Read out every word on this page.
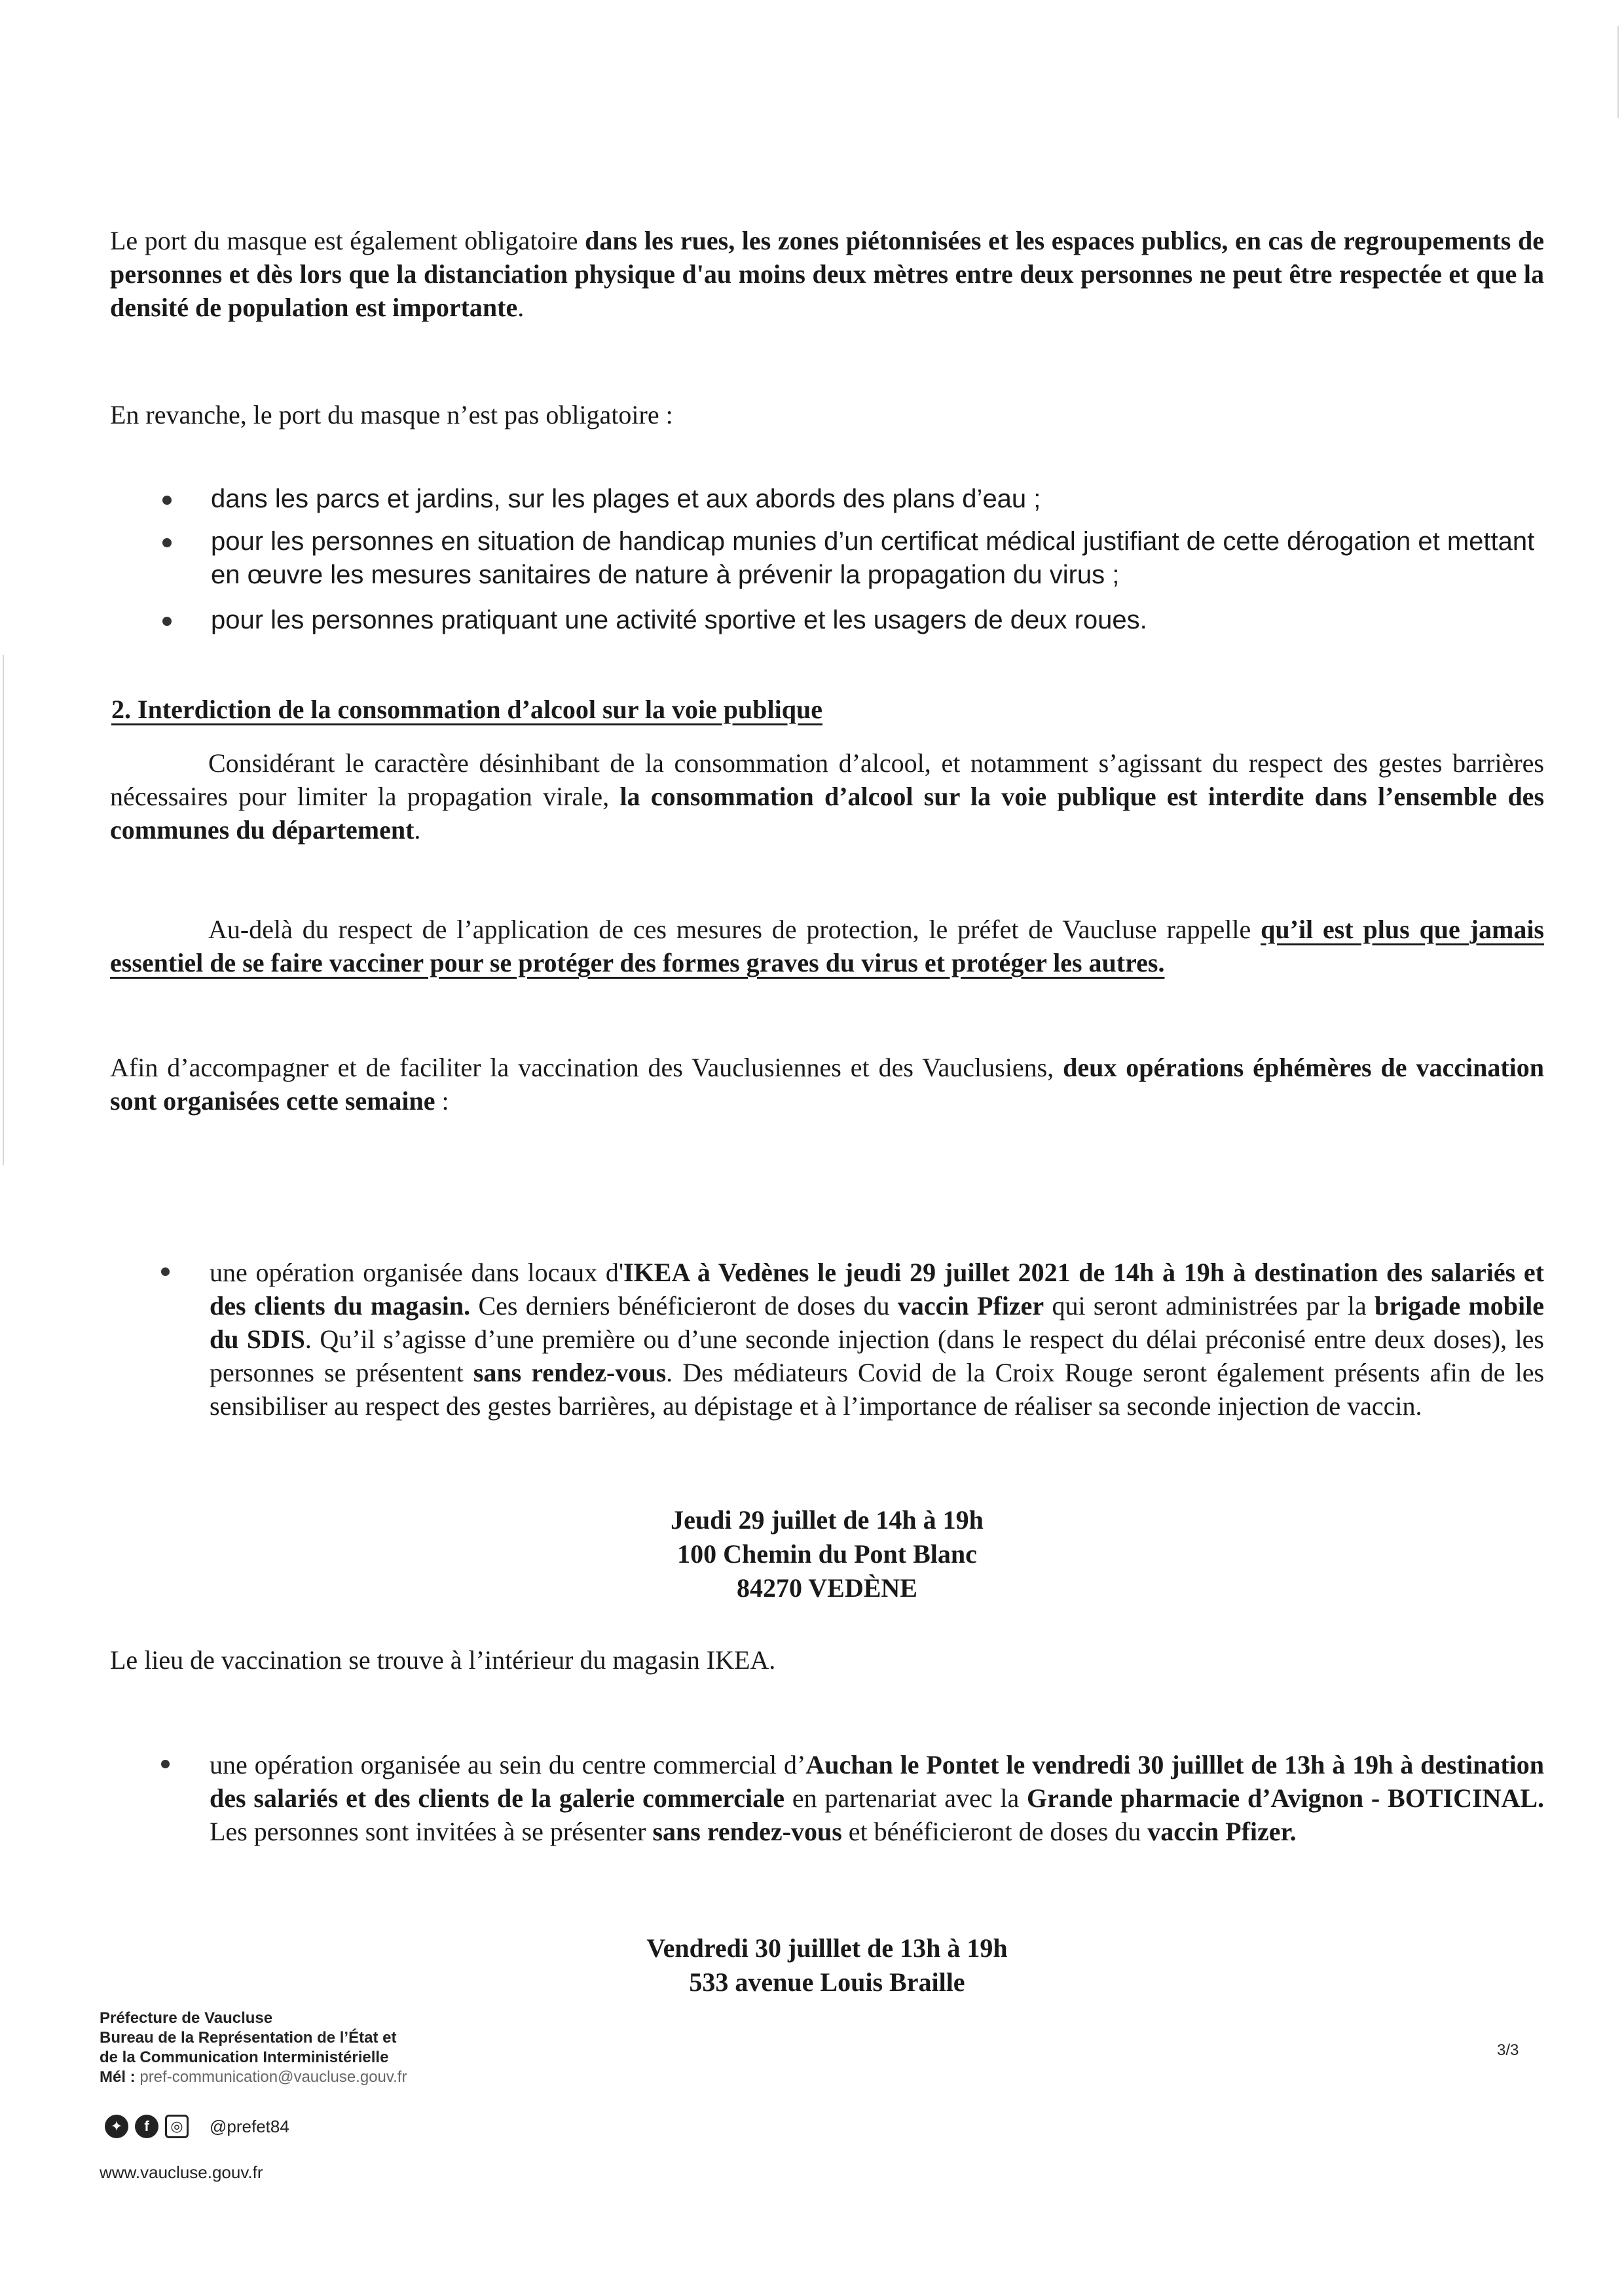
Le port du masque est également obligatoire dans les rues, les zones piétonnisées et les espaces publics, en cas de regroupements de personnes et dès lors que la distanciation physique d'au moins deux mètres entre deux personnes ne peut être respectée et que la densité de population est importante.

En revanche, le port du masque n’est pas obligatoire :

dans les parcs et jardins, sur les plages et aux abords des plans d’eau ;
pour les personnes en situation de handicap munies d’un certificat médical justifiant de cette dérogation et mettant en œuvre les mesures sanitaires de nature à prévenir la propagation du virus ;
pour les personnes pratiquant une activité sportive et les usagers de deux roues.

2. Interdiction de la consommation d’alcool sur la voie publique

Considérant le caractère désinhibant de la consommation d’alcool, et notamment s’agissant du respect des gestes barrières nécessaires pour limiter la propagation virale, la consommation d’alcool sur la voie publique est interdite dans l’ensemble des communes du département.

Au-delà du respect de l’application de ces mesures de protection, le préfet de Vaucluse rappelle qu’il est plus que jamais essentiel de se faire vacciner pour se protéger des formes graves du virus et protéger les autres.

Afin d’accompagner et de faciliter la vaccination des Vauclusiennes et des Vauclusiens, deux opérations éphémères de vaccination sont organisées cette semaine :

une opération organisée dans locaux d'IKEA à Vedènes le jeudi 29 juillet 2021 de 14h à 19h à destination des salariés et des clients du magasin. Ces derniers bénéficieront de doses du vaccin Pfizer qui seront administrées par la brigade mobile du SDIS. Qu’il s’agisse d’une première ou d’une seconde injection (dans le respect du délai préconisé entre deux doses), les personnes se présentent sans rendez-vous. Des médiateurs Covid de la Croix Rouge seront également présents afin de les sensibiliser au respect des gestes barrières, au dépistage et à l’importance de réaliser sa seconde injection de vaccin.
Jeudi 29 juillet de 14h à 19h
100 Chemin du Pont Blanc
84270 VEDÈNE

Le lieu de vaccination se trouve à l’intérieur du magasin IKEA.

une opération organisée au sein du centre commercial d’Auchan le Pontet le vendredi 30 juilllet de 13h à 19h à destination des salariés et des clients de la galerie commerciale en partenariat avec la Grande pharmacie d’Avignon - BOTICINAL. Les personnes sont invitées à se présenter sans rendez-vous et bénéficieront de doses du vaccin Pfizer.
Vendredi 30 juilllet de 13h à 19h
533 avenue Louis Braille
Préfecture de Vaucluse
Bureau de la Représentation de l’État et
de la Communication Interministérielle
Mél : pref-communication@vaucluse.gouv.fr
✦	f	◎	@prefet84
www.vaucluse.gouv.fr
3/3
